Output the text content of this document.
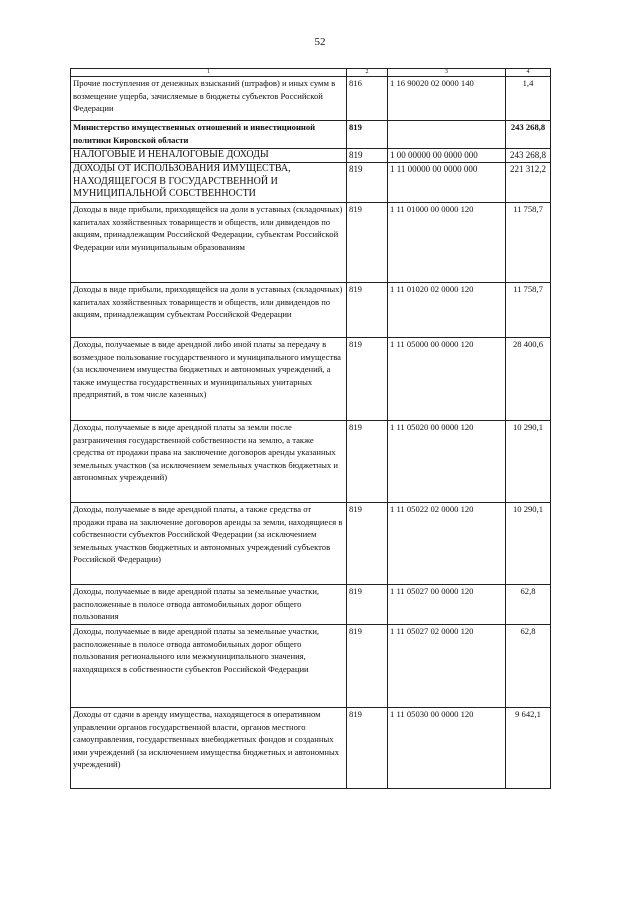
52
1	2	3	4
Прочие поступления от денежных взысканий (штрафов) и иных сумм в возмещение ущерба, зачисляемые в бюджеты субъектов Российской Федерации	816	1 16 90020 02 0000 140	1,4
Министерство имущественных отношений и инвестиционной политики Кировской области	819		243 268,8
НАЛОГОВЫЕ И НЕНАЛОГОВЫЕ ДОХОДЫ	819	1 00 00000 00 0000 000	243 268,8
ДОХОДЫ ОТ ИСПОЛЬЗОВАНИЯ ИМУЩЕСТВА, НАХОДЯЩЕГОСЯ В ГОСУДАРСТВЕННОЙ И МУНИЦИПАЛЬНОЙ СОБСТВЕННОСТИ	819	1 11 00000 00 0000 000	221 312,2
Доходы в виде прибыли, приходящейся на доли в уставных (складочных) капиталах хозяйственных товариществ и обществ, или дивидендов по акциям, принадлежащим Российской Федерации, субъектам Российской Федерации или муниципальным образованиям	819	1 11 01000 00 0000 120	11 758,7
Доходы в виде прибыли, приходящейся на доли в уставных (складочных) капиталах хозяйственных товариществ и обществ, или дивидендов по акциям, принадлежащим субъектам Российской Федерации	819	1 11 01020 02 0000 120	11 758,7
Доходы, получаемые в виде арендной либо иной платы за передачу в возмездное пользование государственного и муниципального имущества (за исключением имущества бюджетных и автономных учреждений, а также имущества государственных и муниципальных унитарных предприятий, в том числе казенных)	819	1 11 05000 00 0000 120	28 400,6
Доходы, получаемые в виде арендной платы за земли после разграничения государственной собственности на землю, а также средства от продажи права на заключение договоров аренды указанных земельных участков (за исключением земельных участков бюджетных и автономных учреждений)	819	1 11 05020 00 0000 120	10 290,1
Доходы, получаемые в виде арендной платы, а также средства от продажи права на заключение договоров аренды за земли, находящиеся в собственности субъектов Российской Федерации (за исключением земельных участков бюджетных и автономных учреждений субъектов Российской Федерации)	819	1 11 05022 02 0000 120	10 290,1
Доходы, получаемые в виде арендной платы за земельные участки, расположенные в полосе отвода автомобильных дорог общего пользования	819	1 11 05027 00 0000 120	62,8
Доходы, получаемые в виде арендной платы за земельные участки, расположенные в полосе отвода автомобильных дорог общего пользования регионального или межмуниципального значения, находящихся в собственности субъектов Российской Федерации	819	1 11 05027 02 0000 120	62,8
Доходы от сдачи в аренду имущества, находящегося в оперативном управлении органов государственной власти, органов местного самоуправления, государственных внебюджетных фондов и созданных ими учреждений (за исключением имущества бюджетных и автономных учреждений)	819	1 11 05030 00 0000 120	9 642,1
